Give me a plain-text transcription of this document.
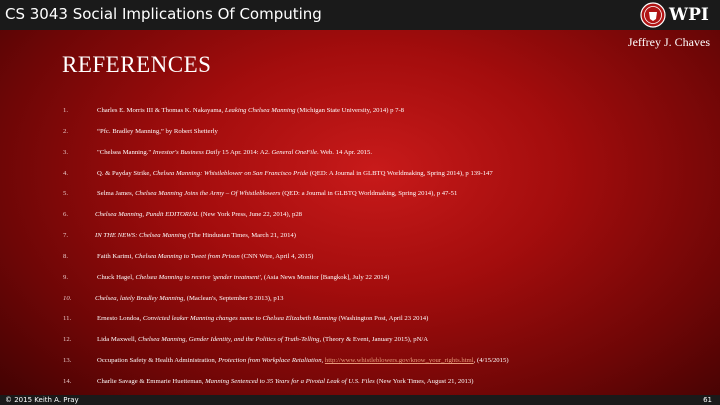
CS 3043 Social Implications Of Computing	WPI
Jeffrey J. Chaves
REFERENCES
1.	Charles E. Morris III & Thomas K. Nakayama, Leaking Chelsea Manning (Michigan State University, 2014) p 7-8
2.	“Pfc. Bradley Manning,” by Robert Shetterly
3.	"Chelsea Manning." Investor's Business Daily 15 Apr. 2014: A2. General OneFile. Web. 14 Apr. 2015.
4.	Q. & Payday Strike, Chelsea Manning: Whistleblower on San Francisco Pride (QED: A Journal in GLBTQ Worldmaking, Spring 2014), p 139-147
5.	Selma James, Chelsea Manning Joins the Army – Of Whistleblowers (QED: a Journal in GLBTQ Worldmaking, Spring 2014), p 47-51
6.	Chelsea Manning, Pundit EDITORIAL (New York Press, June 22, 2014), p28
7.	IN THE NEWS: Chelsea Manning (The Hindustan Times, March 21, 2014)
8.	Faith Karimi, Chelsea Manning to Tweet from Prison (CNN Wire, April 4, 2015)
9.	Chuck Hagel, Chelsea Manning to receive 'gender treatment', (Asia News Monitor [Bangkok], July 22 2014)
10.	Chelsea, lately Bradley Manning, (Maclean's, September 9 2013), p13
11.	Ernesto Londoa, Convicted leaker Manning changes name to Chelsea Elizabeth Manning (Washington Post, April 23 2014)
12.	Lida Maxwell, Chelsea Manning, Gender Identity, and the Politics of Truth-Telling, (Theory & Event, January 2015), pN/A
13.	Occupation Safety & Health Administration, Protection from Workplace Retaliation, http://www.whistleblowers.gov/know_your_rights.html, (4/15/2015)
14.	Charlie Savage & Emmarie Huetteman, Manning Sentenced to 35 Years for a Pivotal Leak of U.S. Files (New York Times, August 21, 2013)
© 2015 Keith A. Pray	61
